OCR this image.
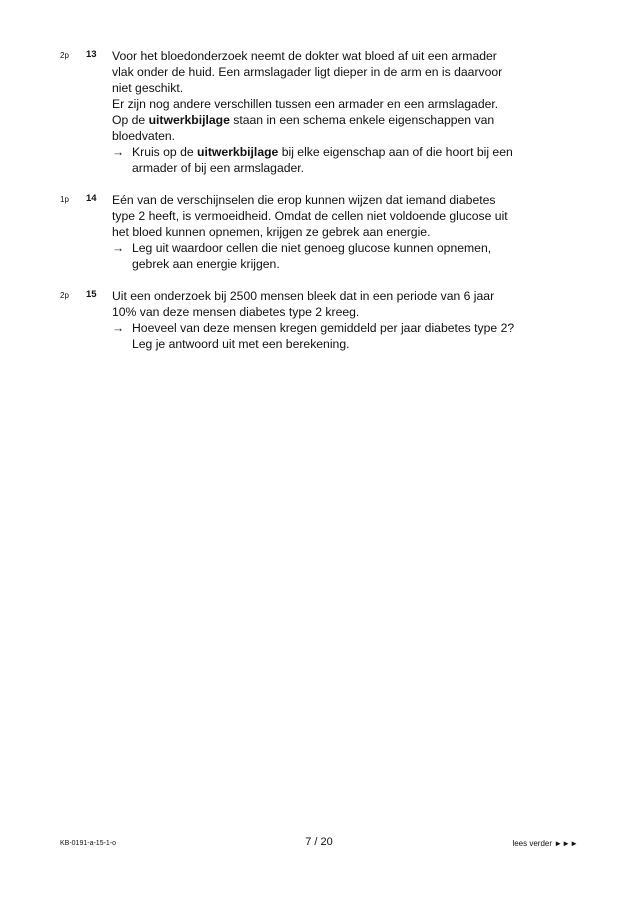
2p 13 Voor het bloedonderzoek neemt de dokter wat bloed af uit een armader
vlak onder de huid. Een armslagader ligt dieper in de arm en is daarvoor
niet geschikt.
Er zijn nog andere verschillen tussen een armader en een armslagader.
Op de uitwerkbijlage staan in een schema enkele eigenschappen van
bloedvaten.
→ Kruis op de uitwerkbijlage bij elke eigenschap aan of die hoort bij een
armader of bij een armslagader.
1p 14 Eén van de verschijnselen die erop kunnen wijzen dat iemand diabetes
type 2 heeft, is vermoeidheid. Omdat de cellen niet voldoende glucose uit
het bloed kunnen opnemen, krijgen ze gebrek aan energie.
→ Leg uit waardoor cellen die niet genoeg glucose kunnen opnemen,
gebrek aan energie krijgen.
2p 15 Uit een onderzoek bij 2500 mensen bleek dat in een periode van 6 jaar
10% van deze mensen diabetes type 2 kreeg.
→ Hoeveel van deze mensen kregen gemiddeld per jaar diabetes type 2?
Leg je antwoord uit met een berekening.
KB-0191-a-15-1-o	7 / 20	lees verder ►►►
